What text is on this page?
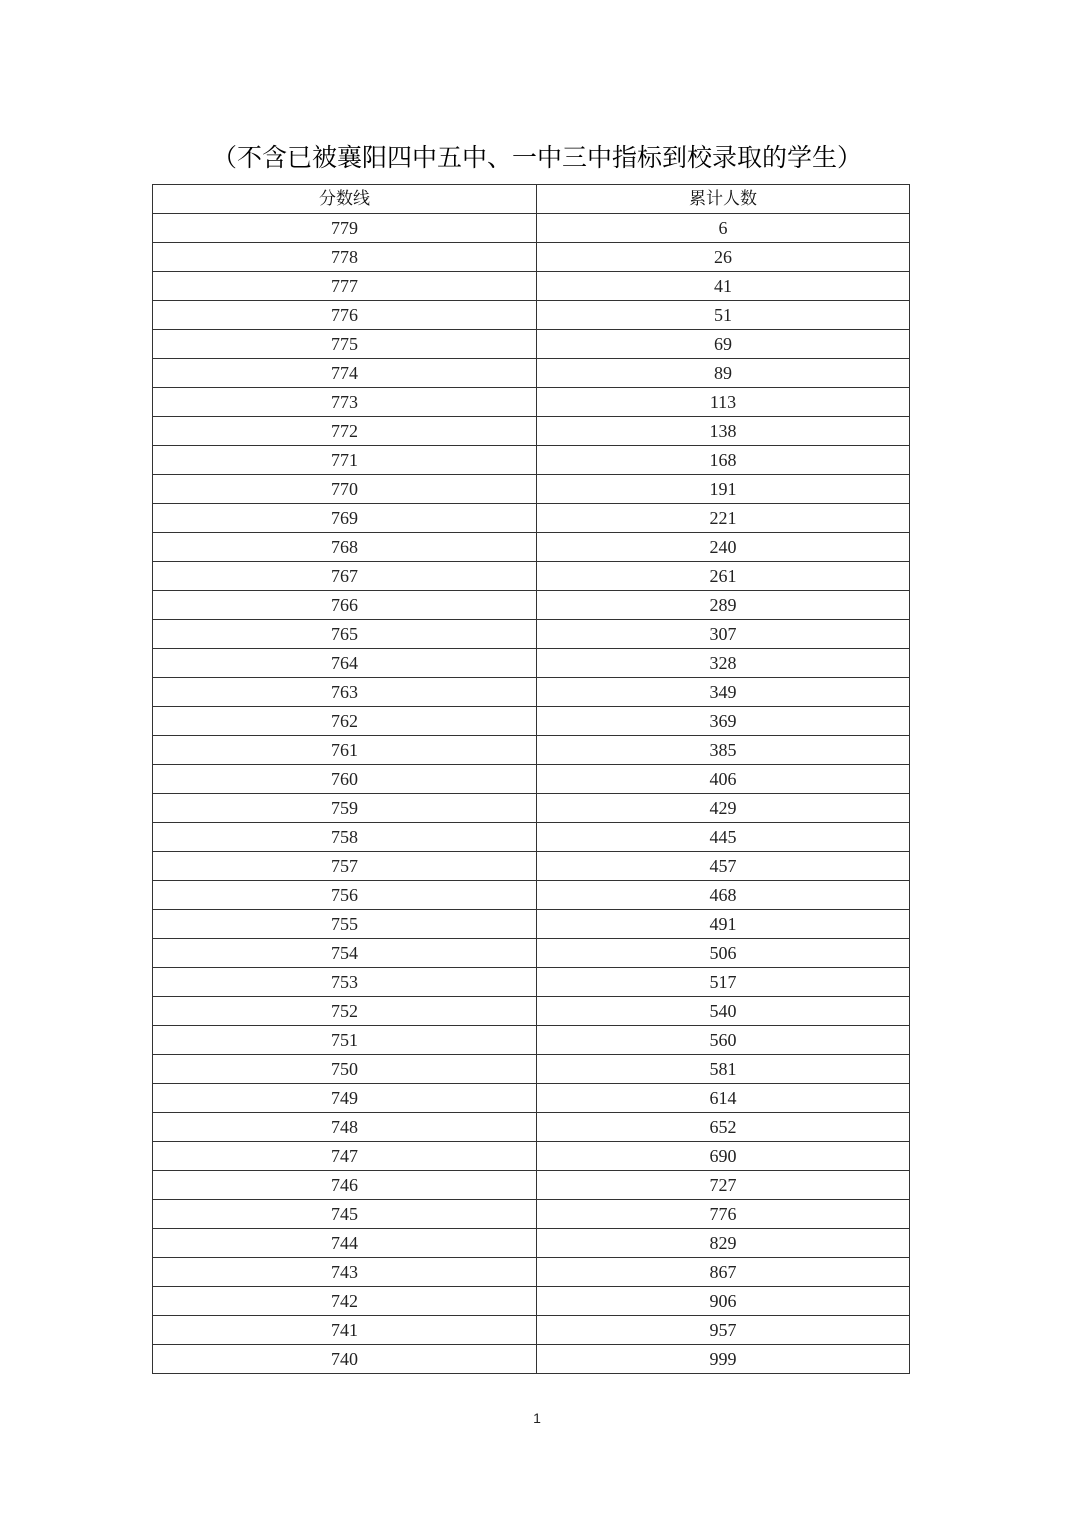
（不含已被襄阳四中五中、一中三中指标到校录取的学生）
分数线	累计人数
779	6
778	26
777	41
776	51
775	69
774	89
773	113
772	138
771	168
770	191
769	221
768	240
767	261
766	289
765	307
764	328
763	349
762	369
761	385
760	406
759	429
758	445
757	457
756	468
755	491
754	506
753	517
752	540
751	560
750	581
749	614
748	652
747	690
746	727
745	776
744	829
743	867
742	906
741	957
740	999
1
